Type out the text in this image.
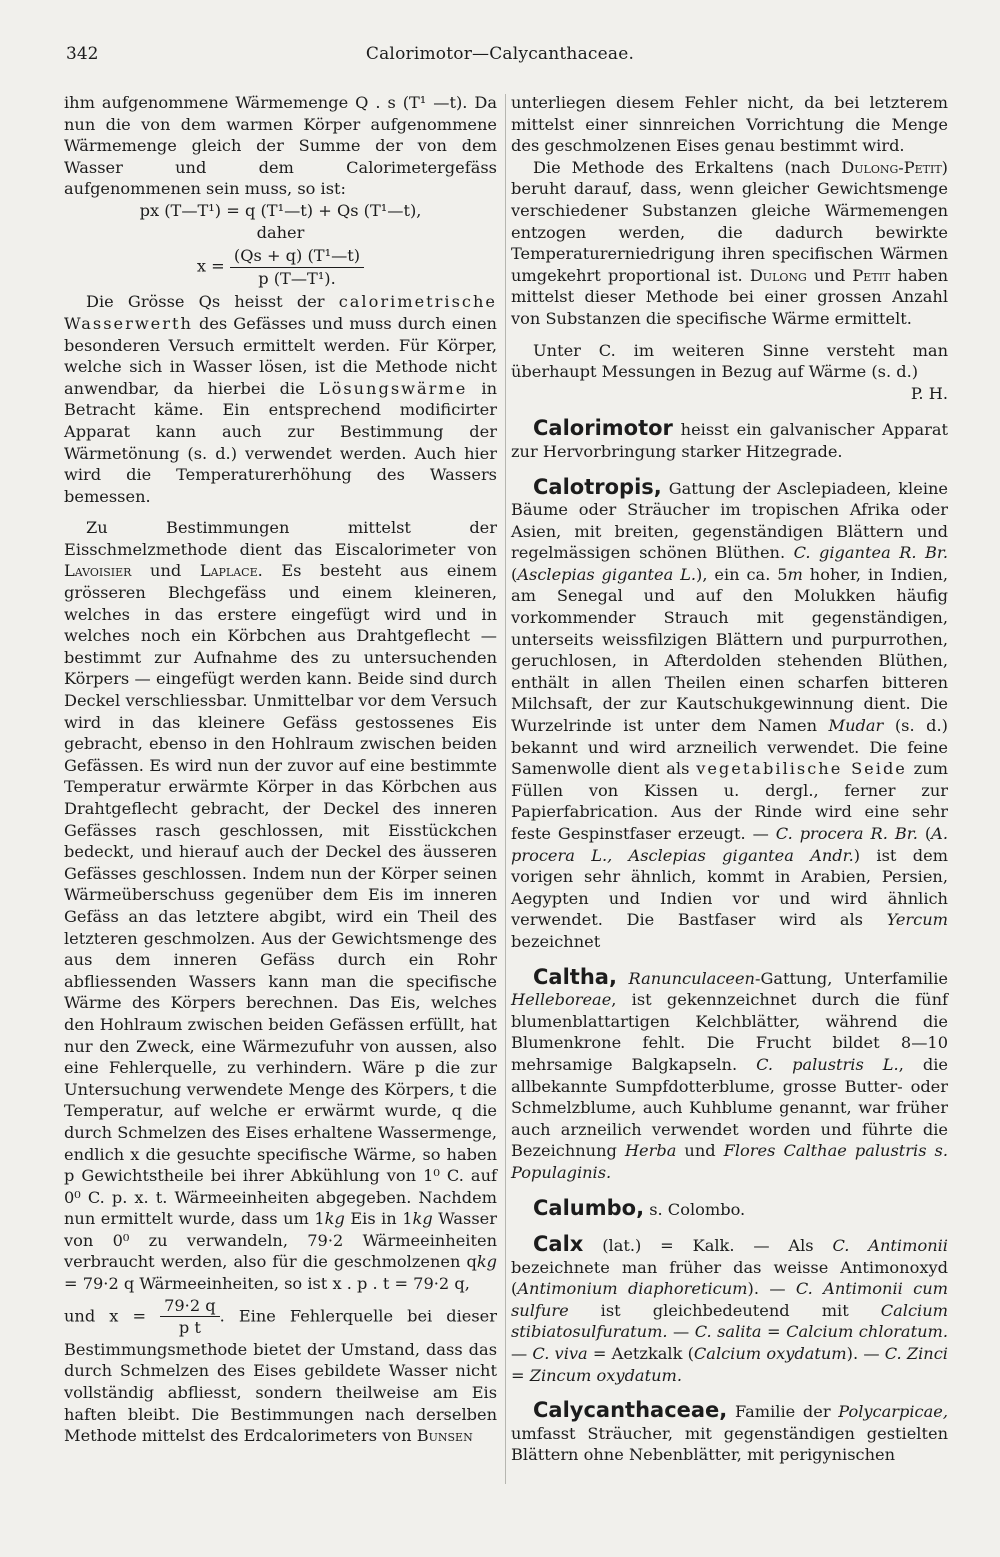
342	Calorimotor—Calycanthaceae.

ihm aufgenommene Wärmemenge Q . s (T¹ —t). Da nun die von dem warmen Körper aufgenommene Wärmemenge gleich der Summe der von dem Wasser und dem Calorimetergefäss aufgenommenen sein muss, so ist:

px (T—T¹) = q (T¹—t) + Qs (T¹—t),

daher

$x = \frac{\text{(Qs + q) (T¹—t)}}{\text{p (T—T¹).}}$

Die Grösse Qs heisst der calorimetrische Wasserwerth des Gefässes und muss durch einen besonderen Versuch ermittelt werden. Für Körper, welche sich in Wasser lösen, ist die Methode nicht anwendbar, da hierbei die Lösungswärme in Betracht käme. Ein entsprechend modificirter Apparat kann auch zur Bestimmung der Wärmetönung (s. d.) verwendet werden. Auch hier wird die Temperaturerhöhung des Wassers bemessen.

Zu Bestimmungen mittelst der Eisschmelzmethode dient das Eiscalorimeter von Lavoisier und Laplace. Es besteht aus einem grösseren Blechgefäss und einem kleineren, welches in das erstere eingefügt wird und in welches noch ein Körbchen aus Drahtgeflecht — bestimmt zur Aufnahme des zu untersuchenden Körpers — eingefügt werden kann. Beide sind durch Deckel verschliessbar. Unmittelbar vor dem Versuch wird in das kleinere Gefäss gestossenes Eis gebracht, ebenso in den Hohlraum zwischen beiden Gefässen. Es wird nun der zuvor auf eine bestimmte Temperatur erwärmte Körper in das Körbchen aus Drahtgeflecht gebracht, der Deckel des inneren Gefässes rasch geschlossen, mit Eisstückchen bedeckt, und hierauf auch der Deckel des äusseren Gefässes geschlossen. Indem nun der Körper seinen Wärmeüberschuss gegenüber dem Eis im inneren Gefäss an das letztere abgibt, wird ein Theil des letzteren geschmolzen. Aus der Gewichtsmenge des aus dem inneren Gefäss durch ein Rohr abfliessenden Wassers kann man die specifische Wärme des Körpers berechnen. Das Eis, welches den Hohlraum zwischen beiden Gefässen erfüllt, hat nur den Zweck, eine Wärmezufuhr von aussen, also eine Fehlerquelle, zu verhindern. Wäre p die zur Untersuchung verwendete Menge des Körpers, t die Temperatur, auf welche er erwärmt wurde, q die durch Schmelzen des Eises erhaltene Wassermenge, endlich x die gesuchte specifische Wärme, so haben p Gewichtstheile bei ihrer Abkühlung von 1⁰ C. auf 0⁰ C. p. x. t. Wärmeeinheiten abgegeben. Nachdem nun ermittelt wurde, dass um 1kg Eis in 1kg Wasser von 0⁰ zu verwandeln, 79·2 Wärmeeinheiten verbraucht werden, also für die geschmolzenen qkg = 79·2 q Wärmeeinheiten, so ist x . p . t = 79·2 q,

und $x = \frac{79\cdot 2 q}{\text{p t}}$ . Eine Fehlerquelle bei dieser Bestimmungsmethode bietet der Umstand, dass das durch Schmelzen des Eises gebildete Wasser nicht vollständig abfliesst, sondern theilweise am Eis haften bleibt. Die Bestimmungen nach derselben Methode mittelst des Erdcalorimeters von Bunsen

unterliegen diesem Fehler nicht, da bei letzterem mittelst einer sinnreichen Vorrichtung die Menge des geschmolzenen Eises genau bestimmt wird.

Die Methode des Erkaltens (nach Dulong-Petit) beruht darauf, dass, wenn gleicher Gewichtsmenge verschiedener Substanzen gleiche Wärmemengen entzogen werden, die dadurch bewirkte Temperaturerniedrigung ihren specifischen Wärmen umgekehrt proportional ist. Dulong und Petit haben mittelst dieser Methode bei einer grossen Anzahl von Substanzen die specifische Wärme ermittelt.

Unter C. im weiteren Sinne versteht man überhaupt Messungen in Bezug auf Wärme (s. d.)

P. H.

Calorimotor heisst ein galvanischer Apparat zur Hervorbringung starker Hitzegrade.

Calotropis, Gattung der Asclepiadeen, kleine Bäume oder Sträucher im tropischen Afrika oder Asien, mit breiten, gegenständigen Blättern und regelmässigen schönen Blüthen. C. gigantea R. Br. (Asclepias gigantea L.), ein ca. 5m hoher, in Indien, am Senegal und auf den Molukken häufig vorkommender Strauch mit gegenständigen, unterseits weissfilzigen Blättern und purpurrothen, geruchlosen, in Afterdolden stehenden Blüthen, enthält in allen Theilen einen scharfen bitteren Milchsaft, der zur Kautschukgewinnung dient. Die Wurzelrinde ist unter dem Namen Mudar (s. d.) bekannt und wird arzneilich verwendet. Die feine Samenwolle dient als vegetabilische Seide zum Füllen von Kissen u. dergl., ferner zur Papierfabrication. Aus der Rinde wird eine sehr feste Gespinstfaser erzeugt. — C. procera R. Br. (A. procera L., Asclepias gigantea Andr.) ist dem vorigen sehr ähnlich, kommt in Arabien, Persien, Aegypten und Indien vor und wird ähnlich verwendet. Die Bastfaser wird als Yercum bezeichnet

Caltha, Ranunculaceen-Gattung, Unterfamilie Helleboreae, ist gekennzeichnet durch die fünf blumenblattartigen Kelchblätter, während die Blumenkrone fehlt. Die Frucht bildet 8—10 mehrsamige Balgkapseln. C. palustris L., die allbekannte Sumpfdotterblume, grosse Butter- oder Schmelzblume, auch Kuhblume genannt, war früher auch arzneilich verwendet worden und führte die Bezeichnung Herba und Flores Calthae palustris s. Populaginis.

Calumbo, s. Colombo.

Calx (lat.) = Kalk. — Als C. Antimonii bezeichnete man früher das weisse Antimonoxyd (Antimonium diaphoreticum). — C. Antimonii cum sulfure ist gleichbedeutend mit Calcium stibiatosulfuratum. — C. salita = Calcium chloratum. — C. viva = Aetzkalk (Calcium oxydatum). — C. Zinci = Zincum oxydatum.

Calycanthaceae, Familie der Polycarpicae, umfasst Sträucher, mit gegenständigen gestielten Blättern ohne Nebenblätter, mit perigynischen
